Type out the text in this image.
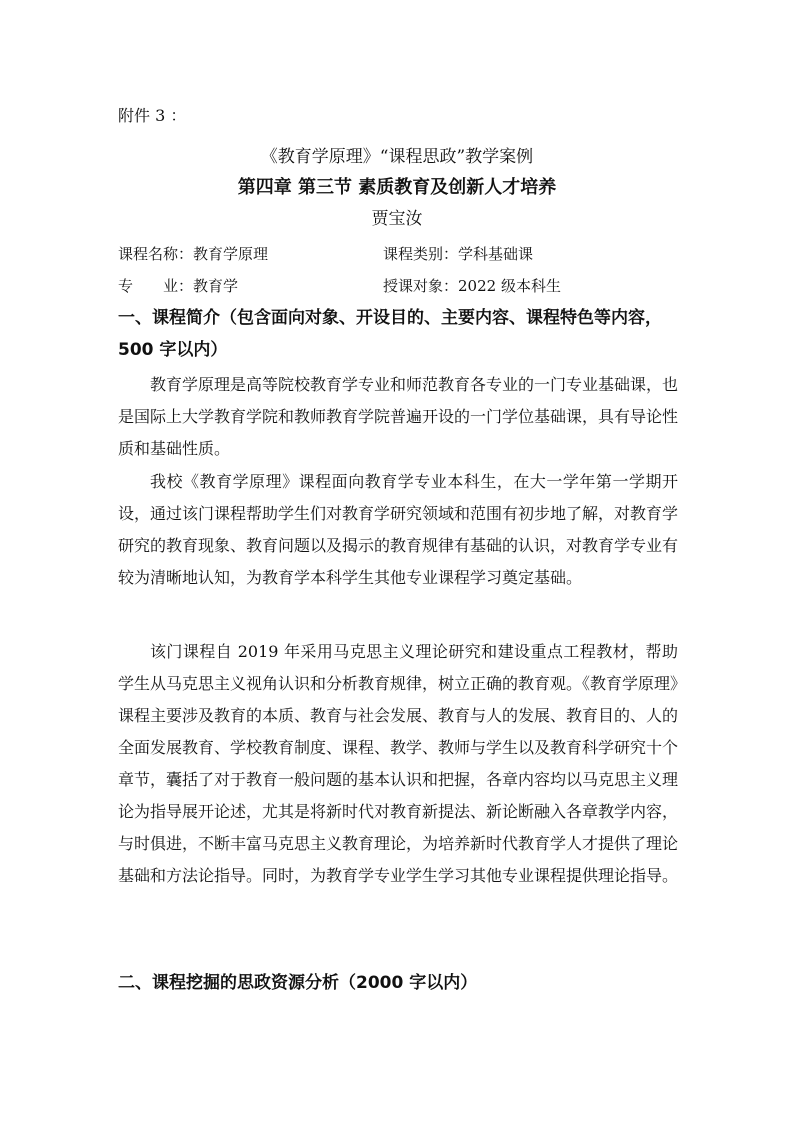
附件 3 ：
《教育学原理》“课程思政”教学案例
第四章 第三节 素质教育及创新人才培养
贾宝汝
课程名称：教育学原理	课程类别：学科基础课
专　　业：教育学	授课对象：2022 级本科生
一、课程简介（包含面向对象、开设目的、主要内容、课程特色等内容，500 字以内）
教育学原理是高等院校教育学专业和师范教育各专业的一门专业基础课，也是国际上大学教育学院和教师教育学院普遍开设的一门学位基础课，具有导论性质和基础性质。
我校《教育学原理》课程面向教育学专业本科生，在大一学年第一学期开设，通过该门课程帮助学生们对教育学研究领域和范围有初步地了解，对教育学研究的教育现象、教育问题以及揭示的教育规律有基础的认识，对教育学专业有较为清晰地认知，为教育学本科学生其他专业课程学习奠定基础。
该门课程自 2019 年采用马克思主义理论研究和建设重点工程教材，帮助学生从马克思主义视角认识和分析教育规律，树立正确的教育观。《教育学原理》课程主要涉及教育的本质、教育与社会发展、教育与人的发展、教育目的、人的全面发展教育、学校教育制度、课程、教学、教师与学生以及教育科学研究十个章节，囊括了对于教育一般问题的基本认识和把握，各章内容均以马克思主义理论为指导展开论述，尤其是将新时代对教育新提法、新论断融入各章教学内容，与时俱进，不断丰富马克思主义教育理论，为培养新时代教育学人才提供了理论基础和方法论指导。同时，为教育学专业学生学习其他专业课程提供理论指导。
二、课程挖掘的思政资源分析（2000 字以内）
